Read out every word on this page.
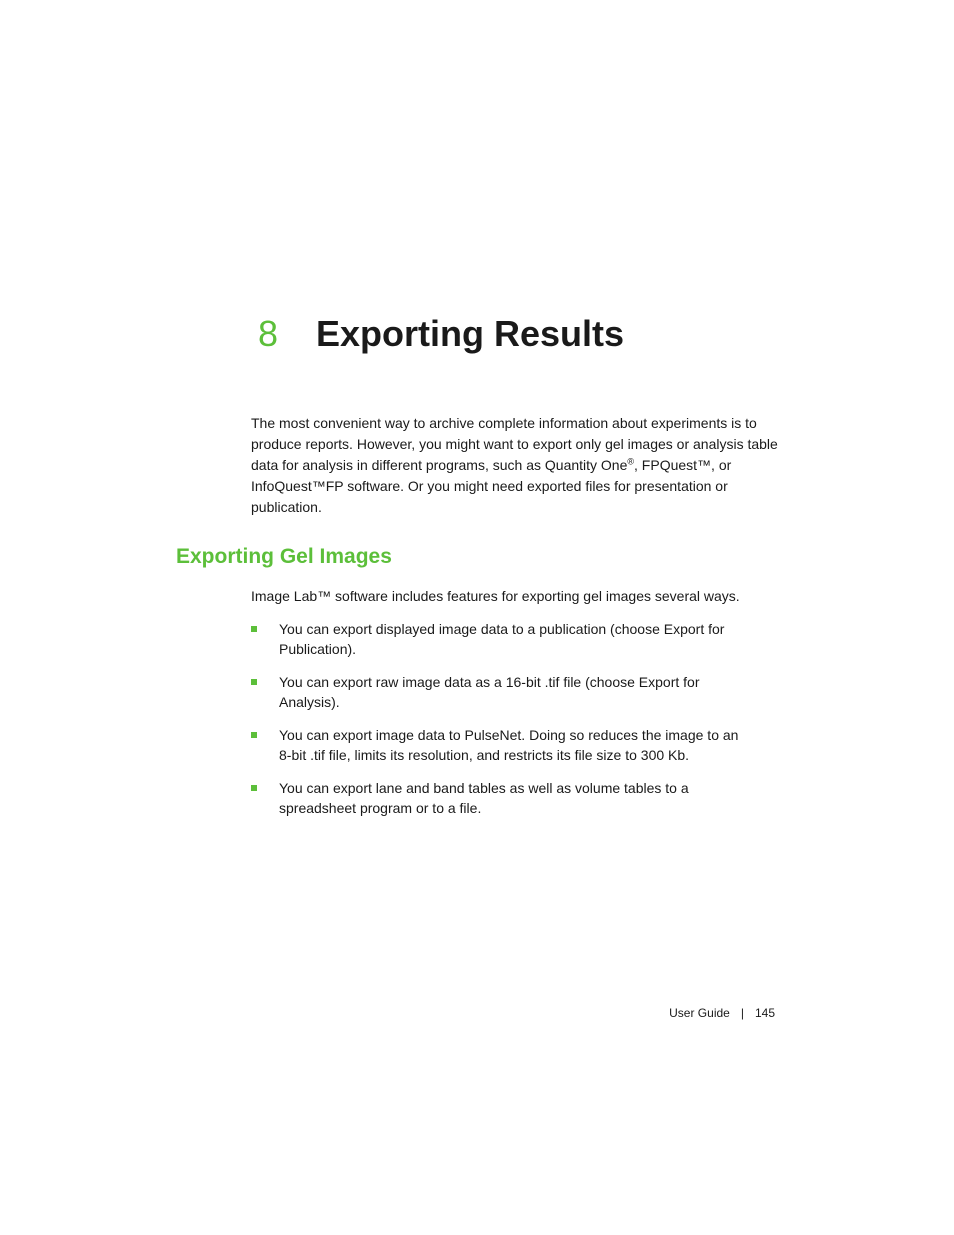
8 Exporting Results

The most convenient way to archive complete information about experiments is to produce reports. However, you might want to export only gel images or analysis table data for analysis in different programs, such as Quantity One®, FPQuest™, or InfoQuest™FP software. Or you might need exported files for presentation or publication.

Exporting Gel Images

Image Lab™ software includes features for exporting gel images several ways.

You can export displayed image data to a publication (choose Export for Publication).
You can export raw image data as a 16-bit .tif file (choose Export for Analysis).
You can export image data to PulseNet. Doing so reduces the image to an 8-bit .tif file, limits its resolution, and restricts its file size to 300 Kb.
You can export lane and band tables as well as volume tables to a spreadsheet program or to a file.
User Guide | 145
